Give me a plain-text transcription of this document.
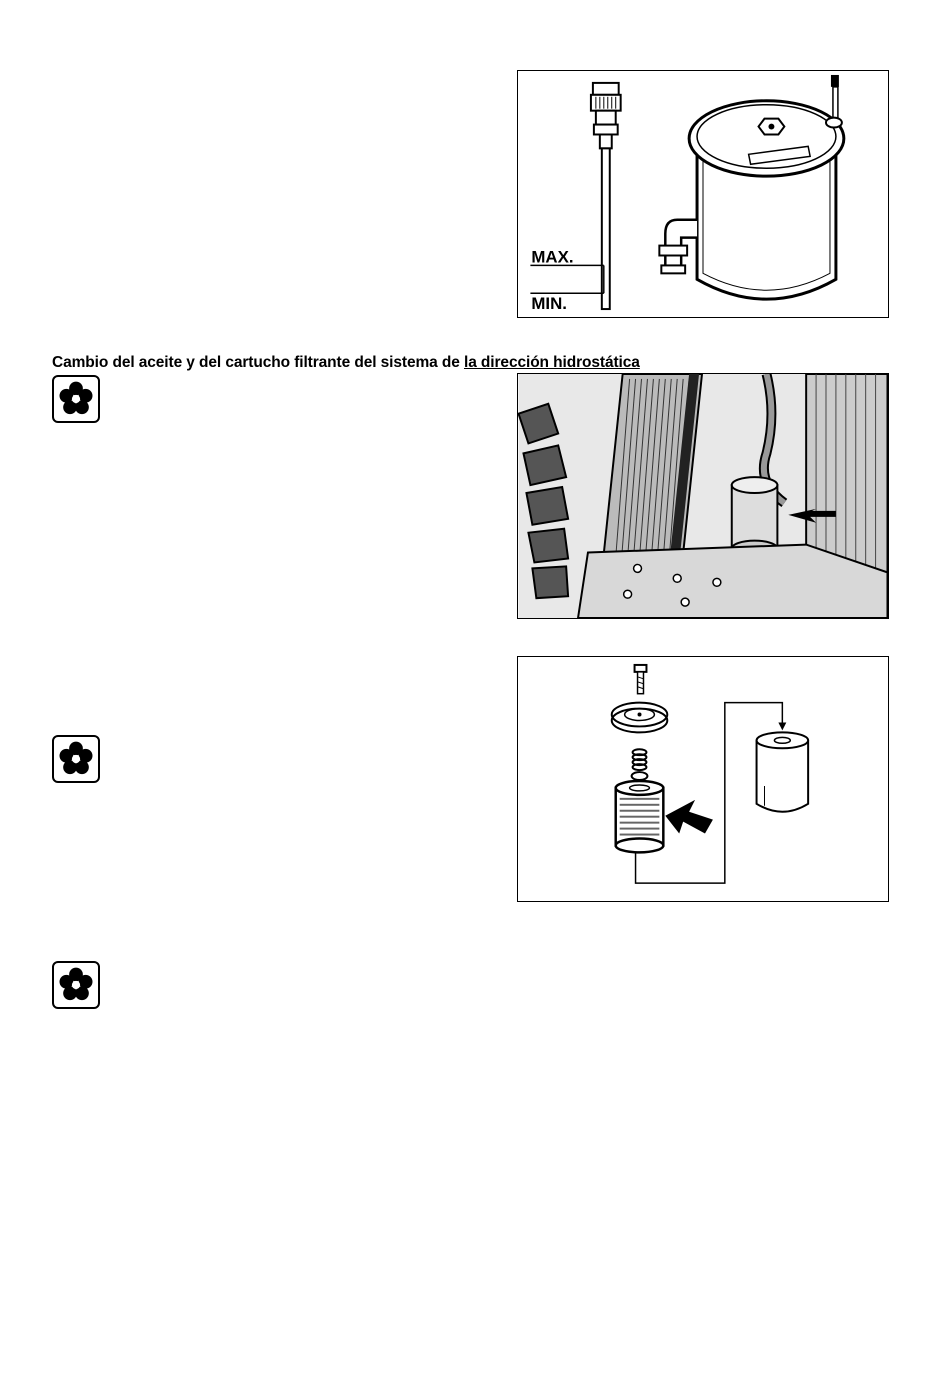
MAX.
MIN.
Cambio del aceite y del cartucho filtrante del sistema de la dirección hidrostática
